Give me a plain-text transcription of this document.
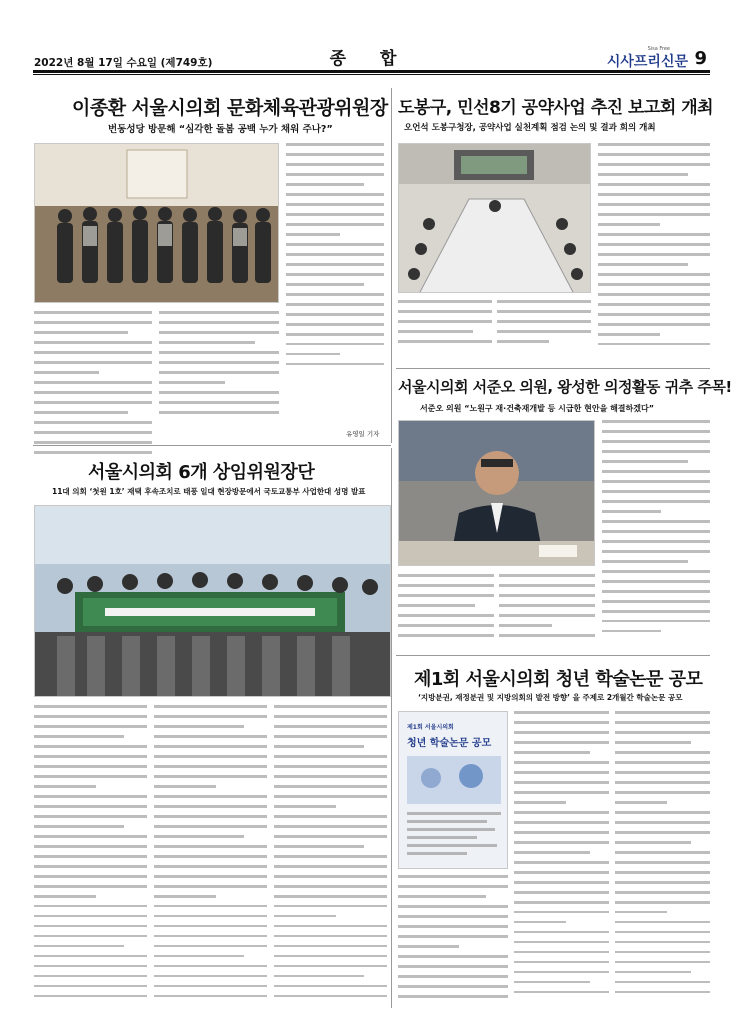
2022년 8월 17일 수요일 (제749호)	종 합	Sisa Free
시사프리신문 9
이종환 서울시의회 문화체육관광위원장
번동성당 방문해 “심각한 돌봄 공백 누가 채워 주나?”
유영일 기자
도봉구, 민선8기 공약사업 추진 보고회 개최
오언석 도봉구청장, 공약사업 실천계획 점검 논의 및 결과 회의 개최
서울시의회 서준오 의원, 왕성한 의정활동 귀추 주목!
서준오 의원 “노원구 재·건축재개발 등 시급한 현안을 해결하겠다”
서울시의회 6개 상임위원장단
11대 의회 ‘첫원 1호’ 재택 후속조치로 태풍 일대 현장방문에서 국토교통부 사업한대 성명 발표
제1회 서울시의회 청년 학술논문 공모
‘지방분권, 재정분권 및 지방의회의 발전 방향’ 을 주제로 2개월간 학술논문 공모
제1회 서울시의회
청년 학술논문 공모
